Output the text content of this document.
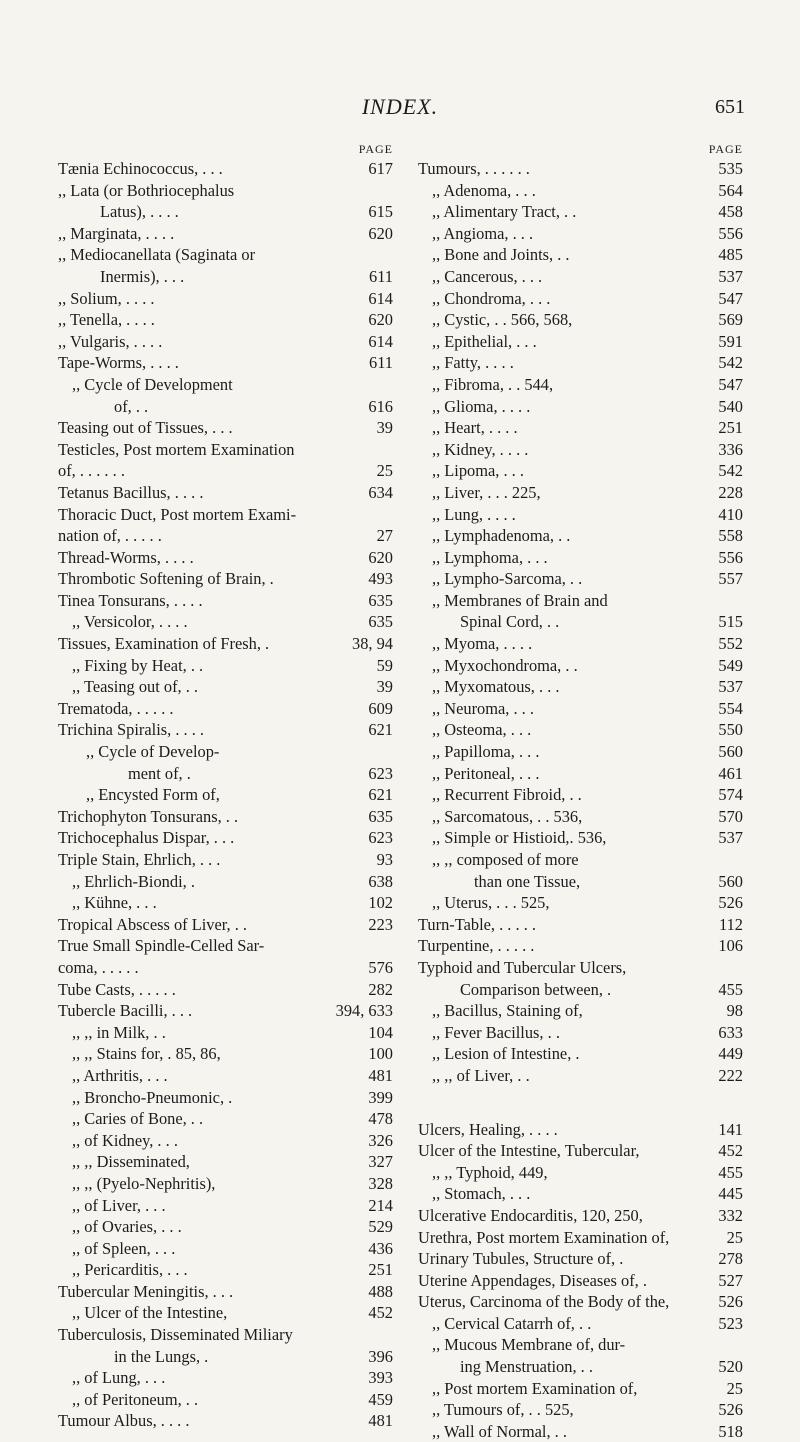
INDEX.	651
PAGE
Tænia Echinococcus, . . .	617
,, Lata (or Bothriocephalus
Latus), . . . .	615
,, Marginata, . . . .	620
,, Mediocanellata (Saginata or
Inermis), . . .	611
,, Solium, . . . .	614
,, Tenella, . . . .	620
,, Vulgaris, . . . .	614
Tape-Worms, . . . .	611
,, Cycle of Development
of, . .	616
Teasing out of Tissues, . . .	39
Testicles, Post mortem Examination
of, . . . . . .	25
Tetanus Bacillus, . . . .	634
Thoracic Duct, Post mortem Exami-
nation of, . . . . .	27
Thread-Worms, . . . .	620
Thrombotic Softening of Brain, .	493
Tinea Tonsurans, . . . .	635
,, Versicolor, . . . .	635
Tissues, Examination of Fresh, .	38, 94
,, Fixing by Heat, . .	59
,, Teasing out of, . .	39
Trematoda, . . . . .	609
Trichina Spiralis, . . . .	621
,, Cycle of Develop-
ment of, .	623
,, Encysted Form of,	621
Trichophyton Tonsurans, . .	635
Trichocephalus Dispar, . . .	623
Triple Stain, Ehrlich, . . .	93
,, Ehrlich-Biondi, .	638
,, Kühne, . . .	102
Tropical Abscess of Liver, . .	223
True Small Spindle-Celled Sar-
coma, . . . . .	576
Tube Casts, . . . . .	282
Tubercle Bacilli, . . .	394, 633
,, ,, in Milk, . .	104
,, ,, Stains for, . 85, 86,	100
,, Arthritis, . . .	481
,, Broncho-Pneumonic, .	399
,, Caries of Bone, . .	478
,, of Kidney, . . .	326
,, ,, Disseminated,	327
,, ,, (Pyelo-Nephritis),	328
,, of Liver, . . .	214
,, of Ovaries, . . .	529
,, of Spleen, . . .	436
,, Pericarditis, . . .	251
Tubercular Meningitis, . . .	488
,, Ulcer of the Intestine,	452
Tuberculosis, Disseminated Miliary
in the Lungs, .	396
,, of Lung, . . .	393
,, of Peritoneum, . .	459
Tumour Albus, . . . .	481
PAGE
Tumours, . . . . . .	535
,, Adenoma, . . .	564
,, Alimentary Tract, . .	458
,, Angioma, . . .	556
,, Bone and Joints, . .	485
,, Cancerous, . . .	537
,, Chondroma, . . .	547
,, Cystic, . . 566, 568,	569
,, Epithelial, . . .	591
,, Fatty, . . . .	542
,, Fibroma, . . 544,	547
,, Glioma, . . . .	540
,, Heart, . . . .	251
,, Kidney, . . . .	336
,, Lipoma, . . .	542
,, Liver, . . . 225,	228
,, Lung, . . . .	410
,, Lymphadenoma, . .	558
,, Lymphoma, . . .	556
,, Lympho-Sarcoma, . .	557
,, Membranes of Brain and
Spinal Cord, . .	515
,, Myoma, . . . .	552
,, Myxochondroma, . .	549
,, Myxomatous, . . .	537
,, Neuroma, . . .	554
,, Osteoma, . . .	550
,, Papilloma, . . .	560
,, Peritoneal, . . .	461
,, Recurrent Fibroid, . .	574
,, Sarcomatous, . . 536,	570
,, Simple or Histioid,. 536,	537
,, ,, composed of more
than one Tissue,	560
,, Uterus, . . . 525,	526
Turn-Table, . . . . .	112
Turpentine, . . . . .	106
Typhoid and Tubercular Ulcers,
Comparison between, .	455
,, Bacillus, Staining of,	98
,, Fever Bacillus, . .	633
,, Lesion of Intestine, .	449
,, ,, of Liver, . .	222
Ulcers, Healing, . . . .	141
Ulcer of the Intestine, Tubercular,	452
,, ,, Typhoid, 449,	455
,, Stomach, . . .	445
Ulcerative Endocarditis, 120, 250,	332
Urethra, Post mortem Examination of,	25
Urinary Tubules, Structure of, .	278
Uterine Appendages, Diseases of, .	527
Uterus, Carcinoma of the Body of the,	526
,, Cervical Catarrh of, . .	523
,, Mucous Membrane of, dur-
ing Menstruation, . .	520
,, Post mortem Examination of,	25
,, Tumours of, . . 525,	526
,, Wall of Normal, . .	518
